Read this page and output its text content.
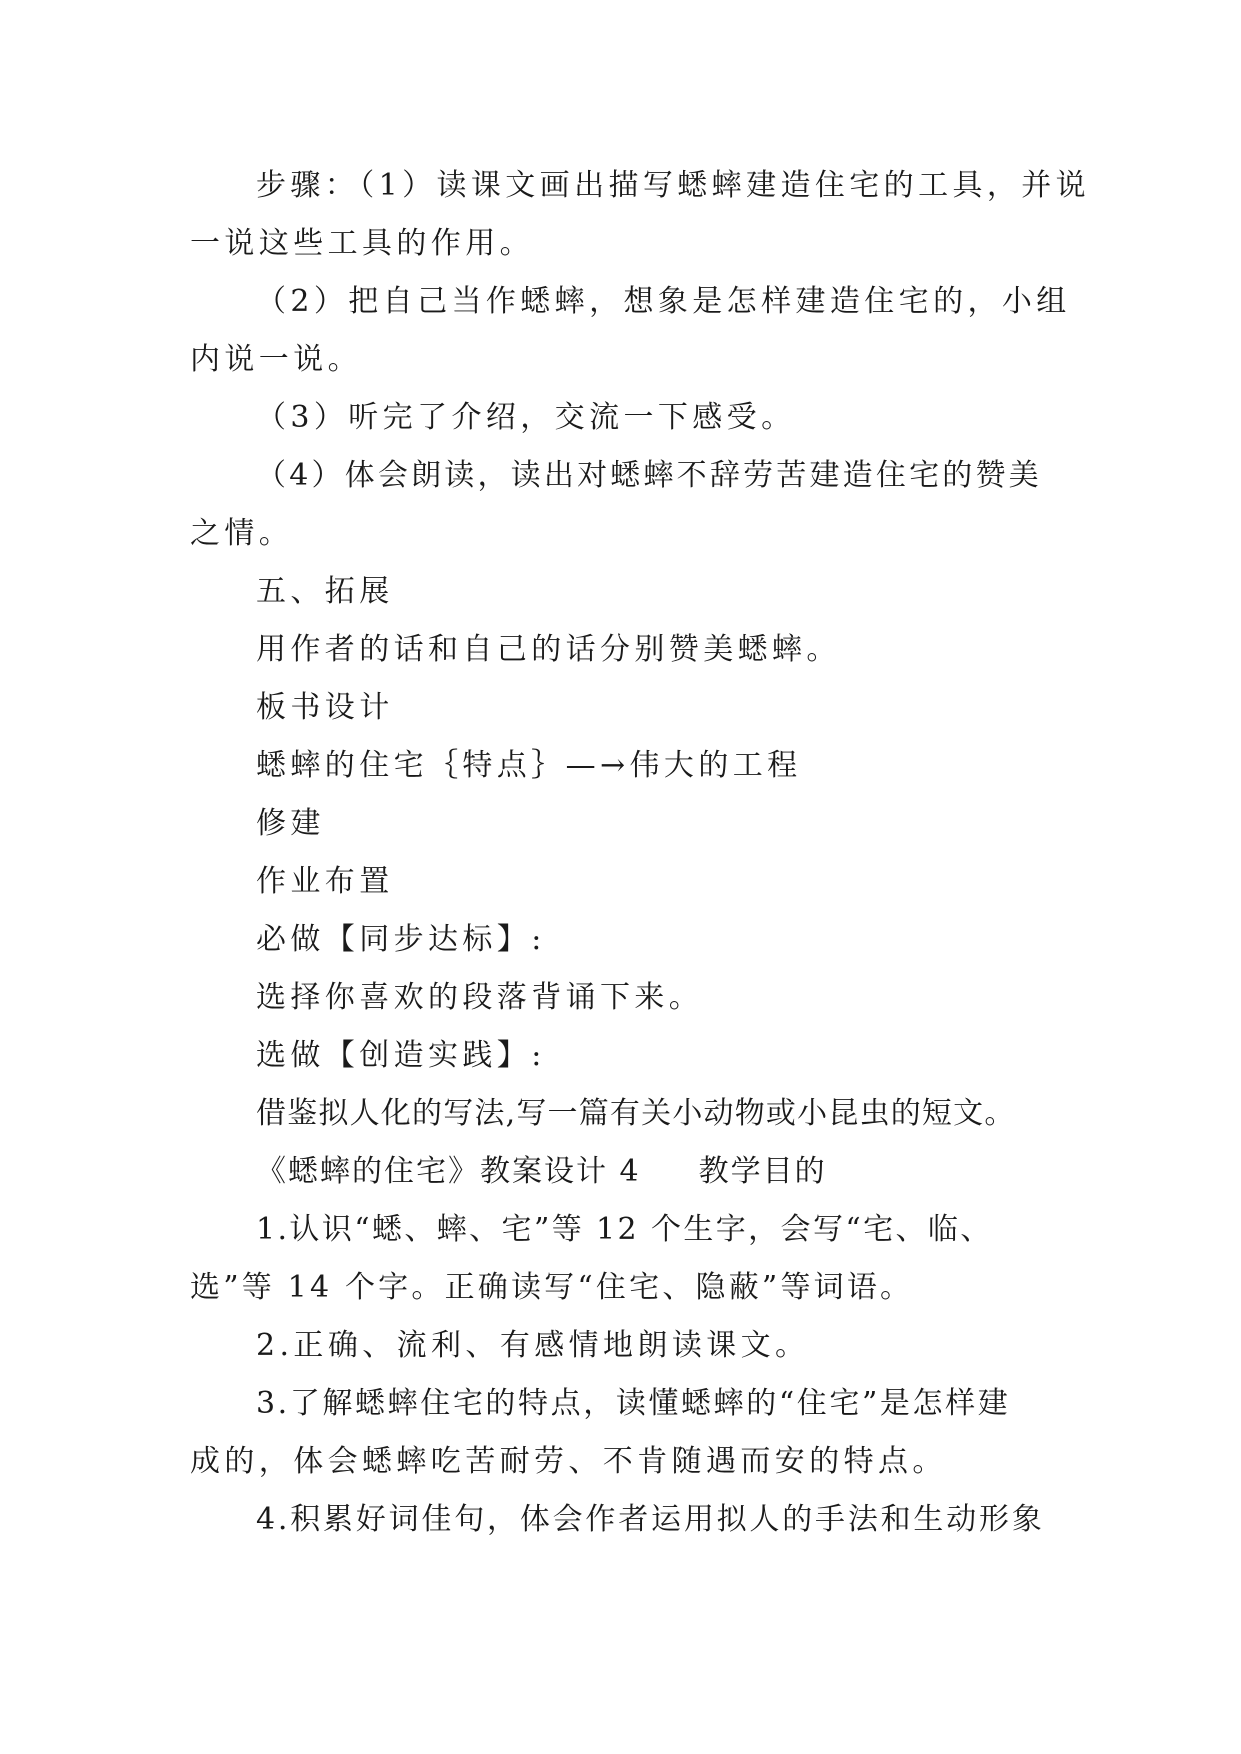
步骤：（1）读课文画出描写蟋蟀建造住宅的工具，并说
一说这些工具的作用。
（2）把自己当作蟋蟀，想象是怎样建造住宅的，小组
内说一说。
（3）听完了介绍，交流一下感受。
（4）体会朗读，读出对蟋蟀不辞劳苦建造住宅的赞美
之情。
五、拓展
用作者的话和自己的话分别赞美蟋蟀。
板书设计
蟋蟀的住宅｛特点｝—→伟大的工程
修建
作业布置
必做【同步达标】:
选择你喜欢的段落背诵下来。
选做【创造实践】:
借鉴拟人化的写法,写一篇有关小动物或小昆虫的短文。
《蟋蟀的住宅》教案设计 4 教学目的
1.认识“蟋、蟀、宅”等 12 个生字，会写“宅、临、
选”等 14 个字。正确读写“住宅、隐蔽”等词语。
2.正确、流利、有感情地朗读课文。
3.了解蟋蟀住宅的特点，读懂蟋蟀的“住宅”是怎样建
成的，体会蟋蟀吃苦耐劳、不肯随遇而安的特点。
4.积累好词佳句，体会作者运用拟人的手法和生动形象
